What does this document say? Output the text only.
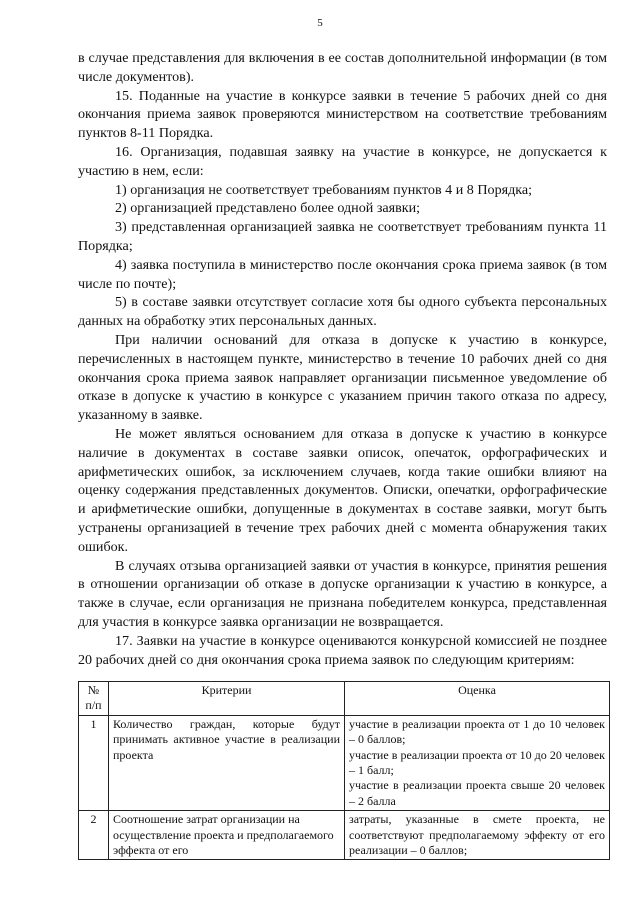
5

в случае представления для включения в ее состав дополнительной информации (в том числе документов).

15. Поданные на участие в конкурсе заявки в течение 5 рабочих дней со дня окончания приема заявок проверяются министерством на соответствие требованиям пунктов 8-11 Порядка.

16. Организация, подавшая заявку на участие в конкурсе, не допускается к участию в нем, если:

1) организация не соответствует требованиям пунктов 4 и 8 Порядка;

2) организацией представлено более одной заявки;

3) представленная организацией заявка не соответствует требованиям пункта 11 Порядка;

4) заявка поступила в министерство после окончания срока приема заявок (в том числе по почте);

5) в составе заявки отсутствует согласие хотя бы одного субъекта персональных данных на обработку этих персональных данных.

При наличии оснований для отказа в допуске к участию в конкурсе, перечисленных в настоящем пункте, министерство в течение 10 рабочих дней со дня окончания срока приема заявок направляет организации письменное уведомление об отказе в допуске к участию в конкурсе с указанием причин такого отказа по адресу, указанному в заявке.

Не может являться основанием для отказа в допуске к участию в конкурсе наличие в документах в составе заявки описок, опечаток, орфографических и арифметических ошибок, за исключением случаев, когда такие ошибки влияют на оценку содержания представленных документов. Описки, опечатки, орфографические и арифметические ошибки, допущенные в документах в составе заявки, могут быть устранены организацией в течение трех рабочих дней с момента обнаружения таких ошибок.

В случаях отзыва организацией заявки от участия в конкурсе, принятия решения в отношении организации об отказе в допуске организации к участию в конкурсе, а также в случае, если организация не признана победителем конкурса, представленная для участия в конкурсе заявка организации не возвращается.

17. Заявки на участие в конкурсе оцениваются конкурсной комиссией не позднее 20 рабочих дней со дня окончания срока приема заявок по следующим критериям:

№
п/п	Критерии	Оценка
1	Количество граждан, которые будут принимать активное участие в реализации проекта	участие в реализации проекта от 1 до 10 человек – 0 баллов;
участие в реализации проекта от 10 до 20 человек – 1 балл;
участие в реализации проекта свыше 20 человек – 2 балла

2	Соотношение затрат организации на осуществление проекта и предполагаемого эффекта от его	затраты, указанные в смете проекта, не соответствуют предполагаемому эффекту от его реализации – 0 баллов;
